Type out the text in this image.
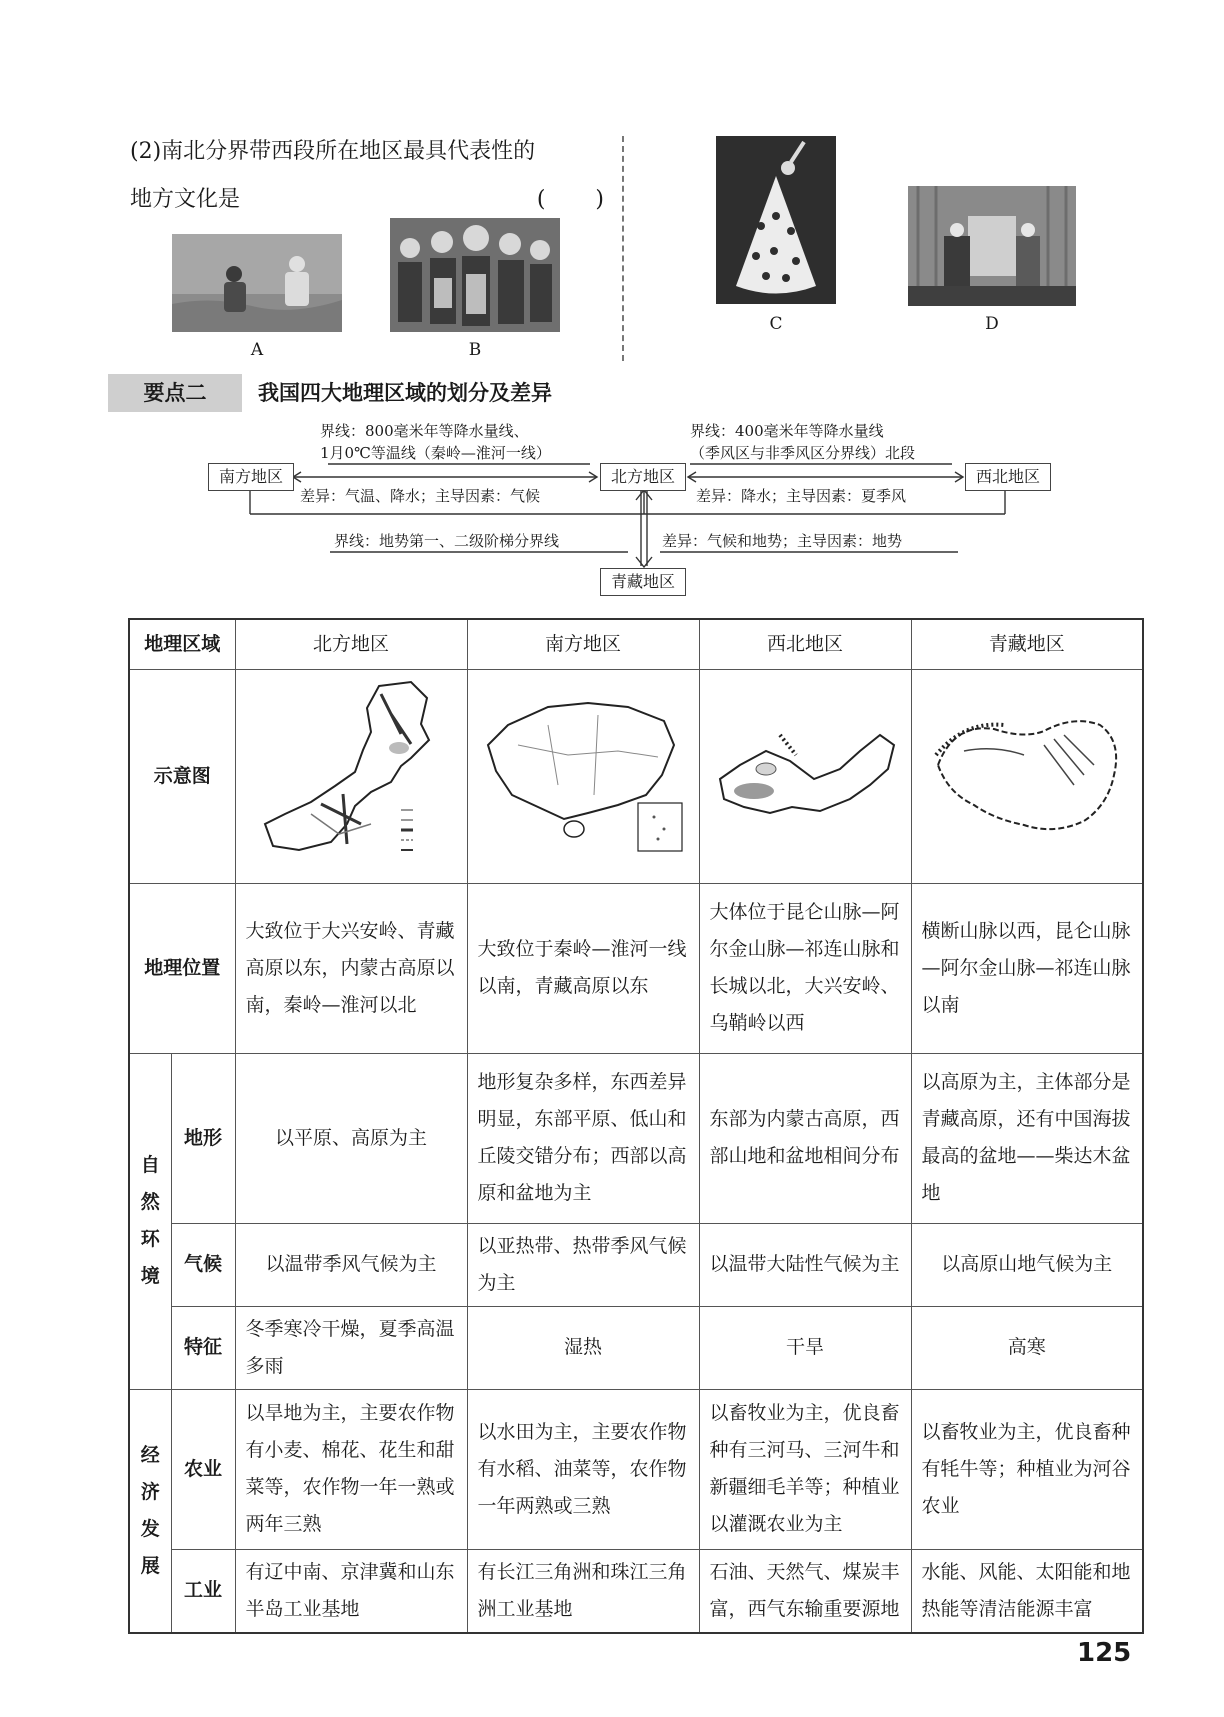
(2)南北分界带西段所在地区最具代表性的
地方文化是	(　)
A	B
C	D
要点二	我国四大地理区域的划分及差异
南方地区	北方地区	西北地区
青藏地区
界线：800毫米年等降水量线、
1月0℃等温线（秦岭—淮河一线）
差异：气温、降水；主导因素：气候
界线：400毫米年等降水量线
（季风区与非季风区分界线）北段
差异：降水；主导因素：夏季风
界线：地势第一、二级阶梯分界线	差异：气候和地势；主导因素：地势
地理区域		北方地区	南方地区	西北地区	青藏地区
示意图				
地理位置		大致位于大兴安岭、青藏高原以东，内蒙古高原以南，秦岭—淮河以北	大致位于秦岭—淮河一线以南，青藏高原以东	大体位于昆仑山脉—阿尔金山脉—祁连山脉和长城以北，大兴安岭、乌鞘岭以西	横断山脉以西，昆仑山脉—阿尔金山脉—祁连山脉以南
自然环境	地形	以平原、高原为主	地形复杂多样，东西差异明显，东部平原、低山和丘陵交错分布；西部以高原和盆地为主	东部为内蒙古高原，西部山地和盆地相间分布	以高原为主，主体部分是青藏高原，还有中国海拔最高的盆地——柴达木盆地
	气候	以温带季风气候为主	以亚热带、热带季风气候为主	以温带大陆性气候为主	以高原山地气候为主
	特征	冬季寒冷干燥，夏季高温多雨	湿热	干旱	高寒
经济发展	农业	以旱地为主，主要农作物有小麦、棉花、花生和甜菜等，农作物一年一熟或两年三熟	以水田为主，主要农作物有水稻、油菜等，农作物一年两熟或三熟	以畜牧业为主，优良畜种有三河马、三河牛和新疆细毛羊等；种植业以灌溉农业为主	以畜牧业为主，优良畜种有牦牛等；种植业为河谷农业
	工业	有辽中南、京津冀和山东半岛工业基地	有长江三角洲和珠江三角洲工业基地	石油、天然气、煤炭丰富，西气东输重要源地	水能、风能、太阳能和地热能等清洁能源丰富
125
